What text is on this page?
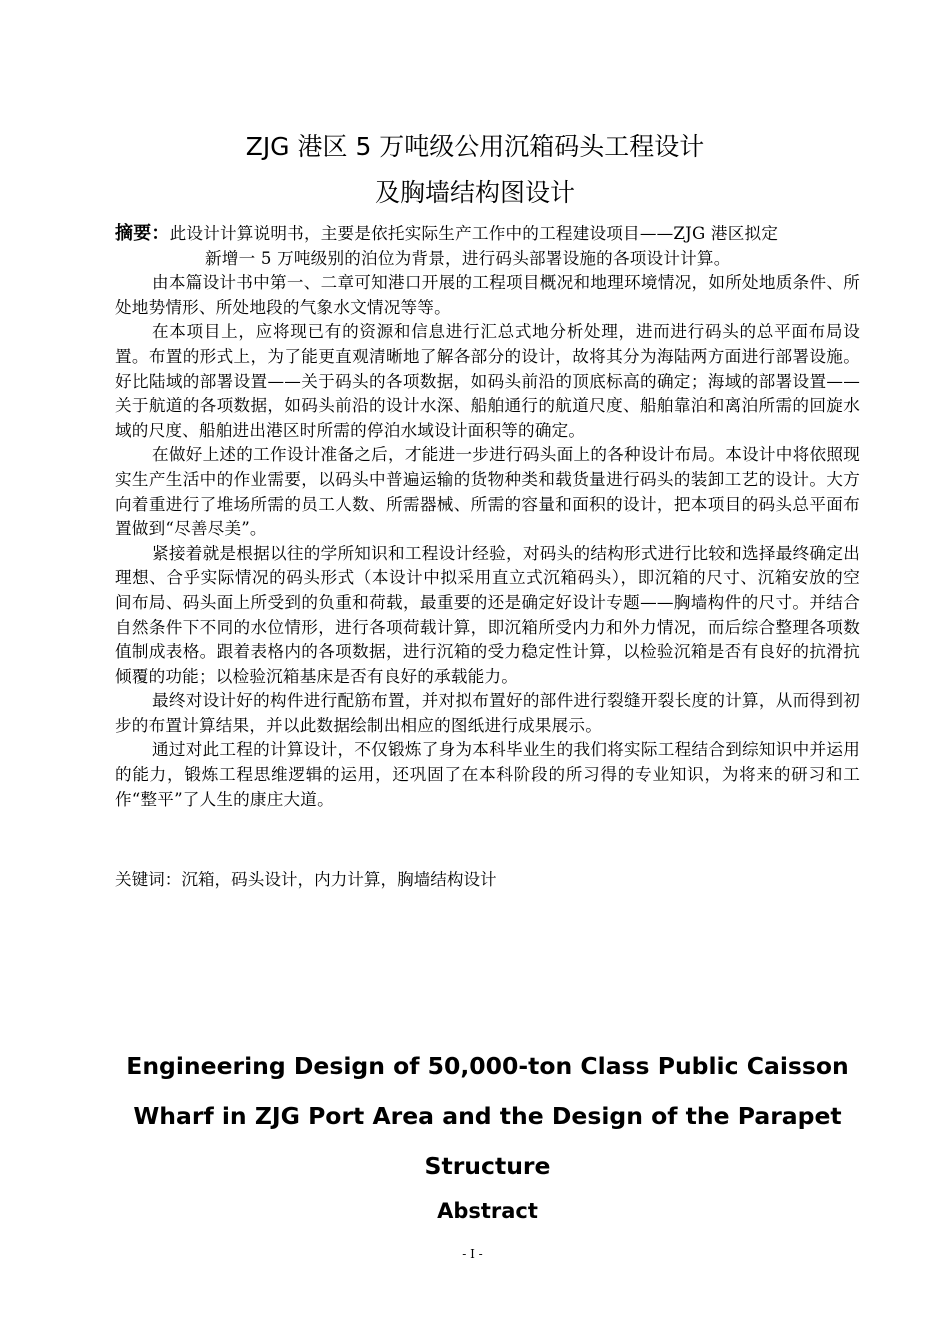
ZJG 港区 5 万吨级公用沉箱码头工程设计
及胸墙结构图设计

摘要：此设计计算说明书，主要是依托实际生产工作中的工程建设项目——ZJG 港区拟定
新增一 5 万吨级别的泊位为背景，进行码头部署设施的各项设计计算。

由本篇设计书中第一、二章可知港口开展的工程项目概况和地理环境情况，如所处地质条件、所处地势情形、所处地段的气象水文情况等等。

在本项目上，应将现已有的资源和信息进行汇总式地分析处理，进而进行码头的总平面布局设置。布置的形式上，为了能更直观清晰地了解各部分的设计，故将其分为海陆两方面进行部署设施。好比陆域的部署设置——关于码头的各项数据，如码头前沿的顶底标高的确定；海域的部署设置——关于航道的各项数据，如码头前沿的设计水深、船舶通行的航道尺度、船舶靠泊和离泊所需的回旋水域的尺度、船舶进出港区时所需的停泊水域设计面积等的确定。

在做好上述的工作设计准备之后，才能进一步进行码头面上的各种设计布局。本设计中将依照现实生产生活中的作业需要，以码头中普遍运输的货物种类和载货量进行码头的装卸工艺的设计。大方向着重进行了堆场所需的员工人数、所需器械、所需的容量和面积的设计，把本项目的码头总平面布置做到“尽善尽美”。

紧接着就是根据以往的学所知识和工程设计经验，对码头的结构形式进行比较和选择最终确定出理想、合乎实际情况的码头形式（本设计中拟采用直立式沉箱码头），即沉箱的尺寸、沉箱安放的空间布局、码头面上所受到的负重和荷载，最重要的还是确定好设计专题——胸墙构件的尺寸。并结合自然条件下不同的水位情形，进行各项荷载计算，即沉箱所受内力和外力情况，而后综合整理各项数值制成表格。跟着表格内的各项数据，进行沉箱的受力稳定性计算，以检验沉箱是否有良好的抗滑抗倾覆的功能；以检验沉箱基床是否有良好的承载能力。

最终对设计好的构件进行配筋布置，并对拟布置好的部件进行裂缝开裂长度的计算，从而得到初步的布置计算结果，并以此数据绘制出相应的图纸进行成果展示。

通过对此工程的计算设计，不仅锻炼了身为本科毕业生的我们将实际工程结合到综知识中并运用的能力，锻炼工程思维逻辑的运用，还巩固了在本科阶段的所习得的专业知识，为将来的研习和工作“整平”了人生的康庄大道。

关键词：沉箱，码头设计，内力计算，胸墙结构设计
Engineering Design of 50,000-ton Class Public Caisson
Wharf in ZJG Port Area and the Design of the Parapet
Structure
Abstract
- I -
